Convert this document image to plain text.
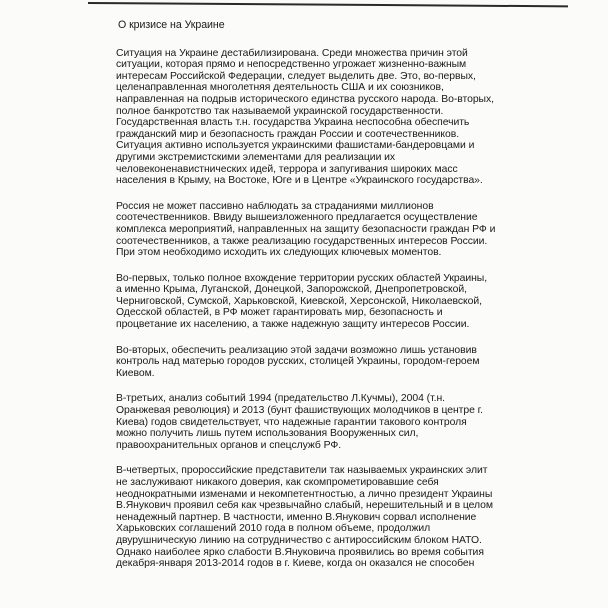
О кризисе на Украине

Ситуация на Украине дестабилизирована. Среди множества причин этой
ситуации, которая прямо и непосредственно угрожает жизненно-важным
интересам Российской Федерации, следует выделить две. Это, во-первых,
целенаправленная многолетняя деятельность США и их союзников,
направленная на подрыв исторического единства русского народа. Во-вторых,
полное банкротство так называемой украинской государственности.
Государственная власть т.н. государства Украина неспособна обеспечить
гражданский мир и безопасность граждан России и соотечественников.
Ситуация активно используется украинскими фашистами-бандеровцами и
другими экстремистскими элементами для реализации их
человеконенавистнических идей, террора и запугивания широких масс
населения в Крыму, на Востоке, Юге и в Центре «Украинского государства».

Россия не может пассивно наблюдать за страданиями миллионов
соотечественников. Ввиду вышеизложенного предлагается осуществление
комплекса мероприятий, направленных на защиту безопасности граждан РФ и
соотечественников, а также реализацию государственных интересов России.
При этом необходимо исходить их следующих ключевых моментов.

Во-первых, только полное вхождение территории русских областей Украины,
а именно Крыма, Луганской, Донецкой, Запорожской, Днепропетровской,
Черниговской, Сумской, Харьковской, Киевской, Херсонской, Николаевской,
Одесской областей, в РФ может гарантировать мир, безопасность и
процветание их населению, а также надежную защиту интересов России.

Во-вторых, обеспечить реализацию этой задачи возможно лишь установив
контроль над матерью городов русских, столицей Украины, городом-героем
Киевом.

В-третьих, анализ событий 1994 (предательство Л.Кучмы), 2004 (т.н.
Оранжевая революция) и 2013 (бунт фашиствующих молодчиков в центре г.
Киева) годов свидетельствует, что надежные гарантии такового контроля
можно получить лишь путем использования Вооруженных сил,
правоохранительных органов и спецслужб РФ.

В-четвертых, пророссийские представители так называемых украинских элит
не заслуживают никакого доверия, как скомпрометировавшие себя
неоднократными изменами и некомпетентностью, а лично президент Украины
В.Янукович проявил себя как чрезвычайно слабый, нерешительный и в целом
ненадежный партнер. В частности, именно В.Янукович сорвал исполнение
Харьковских соглашений 2010 года в полном объеме, продолжил
двурушническую линию на сотрудничество с антироссийским блоком НАТО.
Однако наиболее ярко слабости В.Януковича проявились во время события
декабря-января 2013-2014 годов в г. Киеве, когда он оказался не способен
